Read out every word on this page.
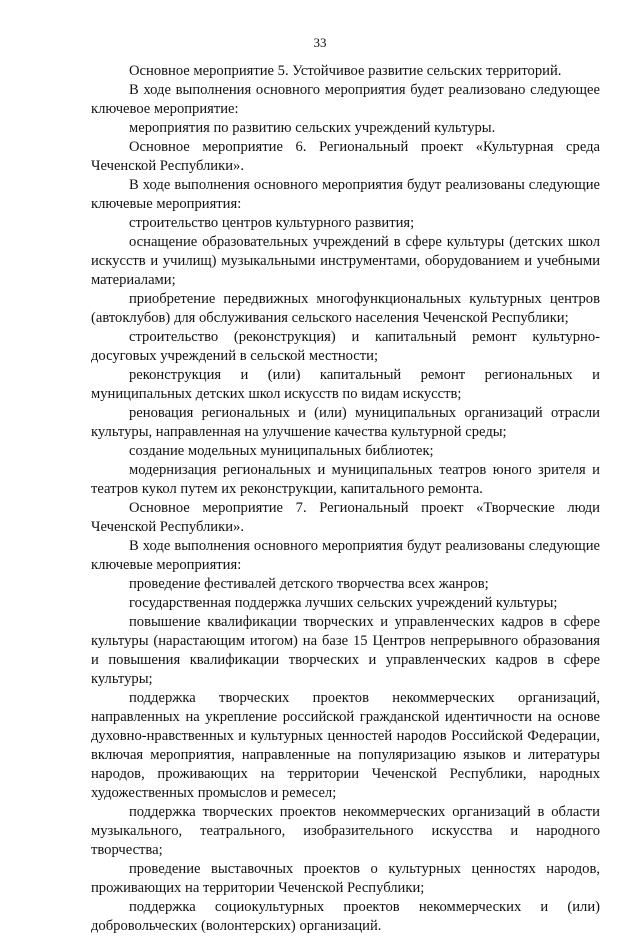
33

Основное мероприятие 5. Устойчивое развитие сельских территорий.

В ходе выполнения основного мероприятия будет реализовано следующее ключевое мероприятие:

мероприятия по развитию сельских учреждений культуры.

Основное мероприятие 6. Региональный проект «Культурная среда Чеченской Республики».

В ходе выполнения основного мероприятия будут реализованы следующие ключевые мероприятия:

строительство центров культурного развития;

оснащение образовательных учреждений в сфере культуры (детских школ искусств и училищ) музыкальными инструментами, оборудованием и учебными материалами;

приобретение передвижных многофункциональных культурных центров (автоклубов) для обслуживания сельского населения Чеченской Республики;

строительство (реконструкция) и капитальный ремонт культурно-досуговых учреждений в сельской местности;

реконструкция и (или) капитальный ремонт региональных и муниципальных детских школ искусств по видам искусств;

реновация региональных и (или) муниципальных организаций отрасли культуры, направленная на улучшение качества культурной среды;

создание модельных муниципальных библиотек;

модернизация региональных и муниципальных театров юного зрителя и театров кукол путем их реконструкции, капитального ремонта.

Основное мероприятие 7. Региональный проект «Творческие люди Чеченской Республики».

В ходе выполнения основного мероприятия будут реализованы следующие ключевые мероприятия:

проведение фестивалей детского творчества всех жанров;

государственная поддержка лучших сельских учреждений культуры;

повышение квалификации творческих и управленческих кадров в сфере культуры (нарастающим итогом) на базе 15 Центров непрерывного образования и повышения квалификации творческих и управленческих кадров в сфере культуры;

поддержка творческих проектов некоммерческих организаций, направленных на укрепление российской гражданской идентичности на основе духовно-нравственных и культурных ценностей народов Российской Федерации, включая мероприятия, направленные на популяризацию языков и литературы народов, проживающих на территории Чеченской Республики, народных художественных промыслов и ремесел;

поддержка творческих проектов некоммерческих организаций в области музыкального, театрального, изобразительного искусства и народного творчества;

проведение выставочных проектов о культурных ценностях народов, проживающих на территории Чеченской Республики;

поддержка социокультурных проектов некоммерческих и (или) добровольческих (волонтерских) организаций.
